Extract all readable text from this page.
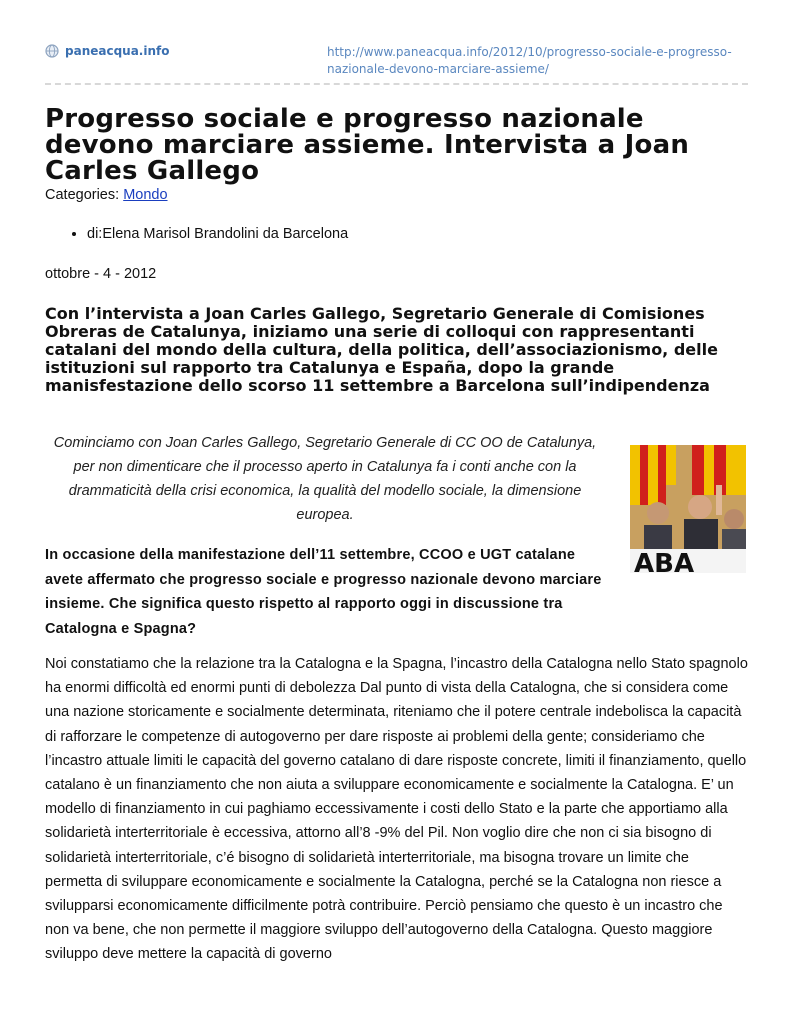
paneacqua.info	http://www.paneacqua.info/2012/10/progresso-sociale-e-progresso-nazionale-devono-marciare-assieme/
Progresso sociale e progresso nazionale devono marciare assieme. Intervista a Joan Carles Gallego
Categories: Mondo
• di:Elena Marisol Brandolini da Barcelona
ottobre - 4 - 2012
Con l’intervista a Joan Carles Gallego, Segretario Generale di Comisiones Obreras de Catalunya, iniziamo una serie di colloqui con rappresentanti catalani del mondo della cultura, della politica, dell’associazionismo, delle istituzioni sul rapporto tra Catalunya e España, dopo la grande manisfestazione dello scorso 11 settembre a Barcelona sull’indipendenza

Cominciamo con Joan Carles Gallego, Segretario Generale di CC OO de Catalunya, per non dimenticare che il processo aperto in Catalunya fa i conti anche con la drammaticità della crisi economica, la qualità del modello sociale, la dimensione europea.

ABA

In occasione della manifestazione dell’11 settembre, CCOO e UGT catalane avete affermato che progresso sociale e progresso nazionale devono marciare insieme. Che significa questo rispetto al rapporto oggi in discussione tra Catalogna e Spagna?

Noi constatiamo che la relazione tra la Catalogna e la Spagna, l’incastro della Catalogna nello Stato spagnolo ha enormi difficoltà ed enormi punti di debolezza Dal punto di vista della Catalogna, che si considera come una nazione storicamente e socialmente determinata, riteniamo che il potere centrale indebolisca la capacità di rafforzare le competenze di autogoverno per dare risposte ai problemi della gente; consideriamo che l’incastro attuale limiti le capacità del governo catalano di dare risposte concrete, limiti il finanziamento, quello catalano è un finanziamento che non aiuta a sviluppare economicamente e socialmente la Catalogna. E’ un modello di finanziamento in cui paghiamo eccessivamente i costi dello Stato e la parte che apportiamo alla solidarietà interterritoriale è eccessiva, attorno all’8 -9% del Pil. Non voglio dire che non ci sia bisogno di solidarietà interterritoriale, c’é bisogno di solidarietà interterritoriale, ma bisogna trovare un limite che permetta di sviluppare economicamente e socialmente la Catalogna, perché se la Catalogna non riesce a svilupparsi economicamente difficilmente potrà contribuire. Perciò pensiamo che questo è un incastro che non va bene, che non permette il maggiore sviluppo dell’autogoverno della Catalogna. Questo maggiore sviluppo deve mettere la capacità di governo
